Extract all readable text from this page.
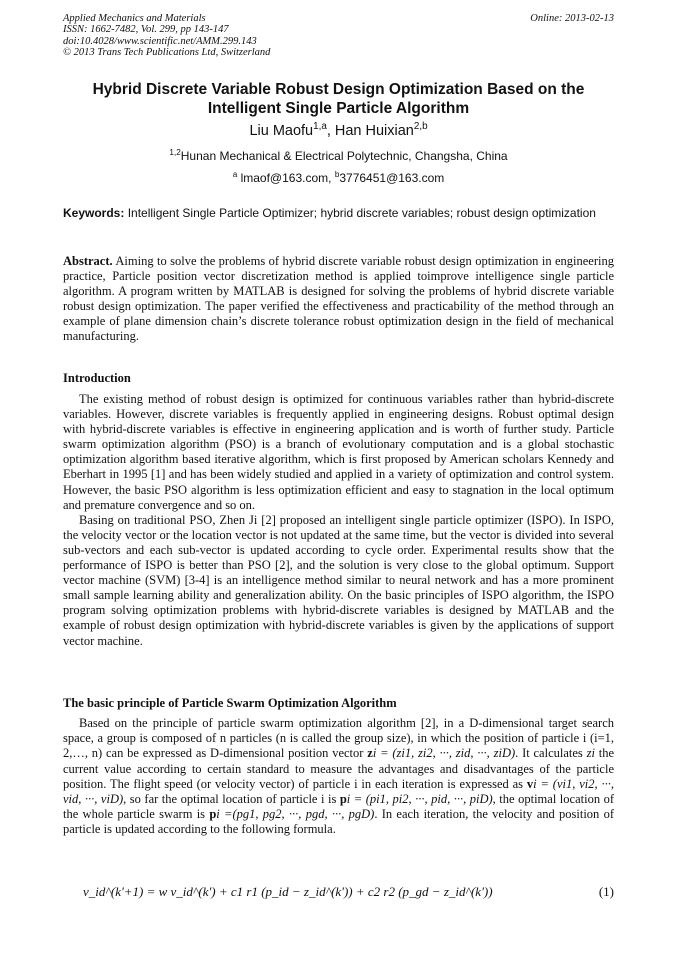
Applied Mechanics and Materials
ISSN: 1662-7482, Vol. 299, pp 143-147
doi:10.4028/www.scientific.net/AMM.299.143
© 2013 Trans Tech Publications Ltd, Switzerland
Online: 2013-02-13
Hybrid Discrete Variable Robust Design Optimization Based on the Intelligent Single Particle Algorithm
Liu Maofu$^{1,a}$, Han Huixian$^{2,b}$
$^{1,2}$Hunan Mechanical & Electrical Polytechnic, Changsha, China
$^a$ lmaof@163.com, $^b$3776451@163.com
Keywords: Intelligent Single Particle Optimizer; hybrid discrete variables; robust design optimization
Abstract. Aiming to solve the problems of hybrid discrete variable robust design optimization in engineering practice, Particle position vector discretization method is applied toimprove intelligence single particle algorithm. A program written by MATLAB is designed for solving the problems of hybrid discrete variable robust design optimization. The paper verified the effectiveness and practicability of the method through an example of plane dimension chain’s discrete tolerance robust optimization design in the field of mechanical manufacturing.
Introduction

The existing method of robust design is optimized for continuous variables rather than hybrid-discrete variables. However, discrete variables is frequently applied in engineering designs. Robust optimal design with hybrid-discrete variables is effective in engineering application and is worth of further study. Particle swarm optimization algorithm (PSO) is a branch of evolutionary computation and is a global stochastic optimization algorithm based iterative algorithm, which is first proposed by American scholars Kennedy and Eberhart in 1995 [1] and has been widely studied and applied in a variety of optimization and control system. However, the basic PSO algorithm is less optimization efficient and easy to stagnation in the local optimum and premature convergence and so on.

Basing on traditional PSO, Zhen Ji [2] proposed an intelligent single particle optimizer (ISPO). In ISPO, the velocity vector or the location vector is not updated at the same time, but the vector is divided into several sub-vectors and each sub-vector is updated according to cycle order. Experimental results show that the performance of ISPO is better than PSO [2], and the solution is very close to the global optimum. Support vector machine (SVM) [3-4] is an intelligence method similar to neural network and has a more prominent small sample learning ability and generalization ability. On the basic principles of ISPO algorithm, the ISPO program solving optimization problems with hybrid-discrete variables is designed by MATLAB and the example of robust design optimization with hybrid-discrete variables is given by the applications of support vector machine.

The basic principle of Particle Swarm Optimization Algorithm

Based on the principle of particle swarm optimization algorithm [2], in a D-dimensional target search space, a group is composed of n particles (n is called the group size), in which the position of particle i (i=1, 2,…, n) can be expressed as D-dimensional position vector zi = (zi1, zi2, ···, zid, ···, ziD). It calculates zi the current value according to certain standard to measure the advantages and disadvantages of the particle position. The flight speed (or velocity vector) of particle i in each iteration is expressed as vi = (vi1, vi2, ···, vid, ···, viD), so far the optimal location of particle i is pi = (pi1, pi2, ···, pid, ···, piD), the optimal location of the whole particle swarm is pi =(pg1, pg2, ···, pgd, ···, pgD). In each iteration, the velocity and position of particle is updated according to the following formula.

v_id^(k'+1) = w v_id^(k') + c1 r1 (p_id − z_id^(k')) + c2 r2 (p_gd − z_id^(k'))	(1)
